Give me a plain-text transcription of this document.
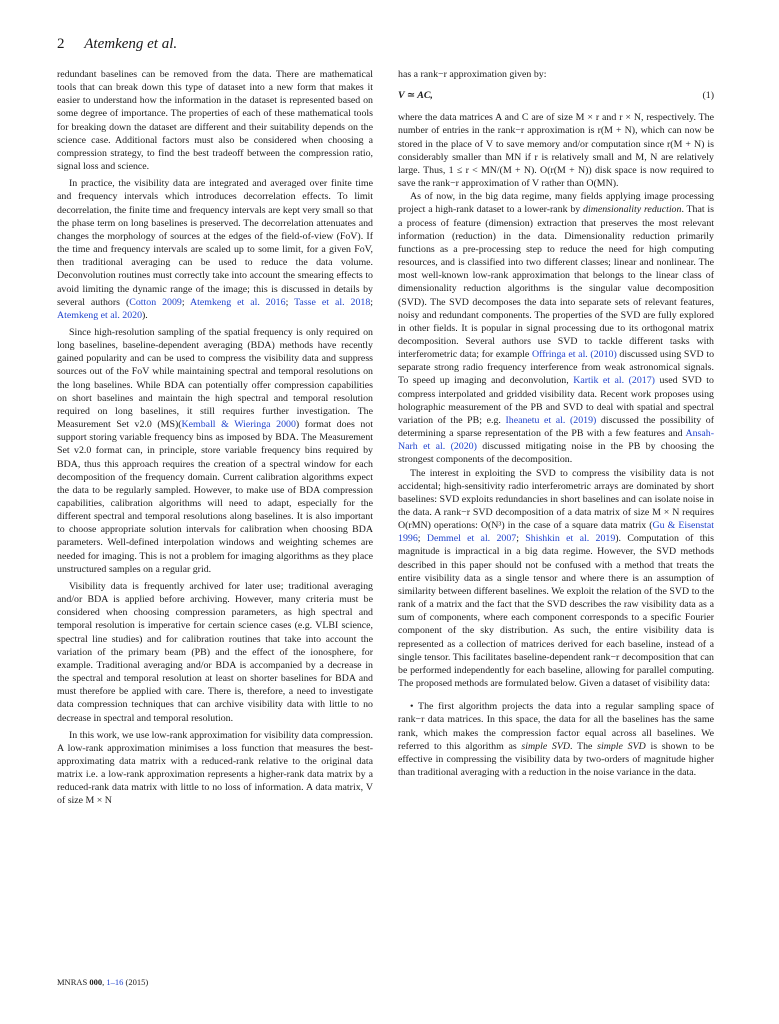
2 Atemkeng et al.

redundant baselines can be removed from the data. There are mathematical tools that can break down this type of dataset into a new form that makes it easier to understand how the information in the dataset is represented based on some degree of importance. The properties of each of these mathematical tools for breaking down the dataset are different and their suitability depends on the science case. Additional factors must also be considered when choosing a compression strategy, to find the best tradeoff between the compression ratio, signal loss and science.

In practice, the visibility data are integrated and averaged over finite time and frequency intervals which introduces decorrelation effects. To limit decorrelation, the finite time and frequency intervals are kept very small so that the phase term on long baselines is preserved. The decorrelation attenuates and changes the morphology of sources at the edges of the field-of-view (FoV). If the time and frequency intervals are scaled up to some limit, for a given FoV, then traditional averaging can be used to reduce the data volume. Deconvolution routines must correctly take into account the smearing effects to avoid limiting the dynamic range of the image; this is discussed in details by several authors (Cotton 2009; Atemkeng et al. 2016; Tasse et al. 2018; Atemkeng et al. 2020).

Since high-resolution sampling of the spatial frequency is only required on long baselines, baseline-dependent averaging (BDA) methods have recently gained popularity and can be used to compress the visibility data and suppress sources out of the FoV while maintaining spectral and temporal resolutions on the long baselines. While BDA can potentially offer compression capabilities on short baselines and maintain the high spectral and temporal resolution required on long baselines, it still requires further investigation. The Measurement Set v2.0 (MS)(Kemball & Wieringa 2000) format does not support storing variable frequency bins as imposed by BDA. The Measurement Set v2.0 format can, in principle, store variable frequency bins required by BDA, thus this approach requires the creation of a spectral window for each decomposition of the frequency domain. Current calibration algorithms expect the data to be regularly sampled. However, to make use of BDA compression capabilities, calibration algorithms will need to adapt, especially for the different spectral and temporal resolutions along baselines. It is also important to choose appropriate solution intervals for calibration when choosing BDA parameters. Well-defined interpolation windows and weighting schemes are needed for imaging. This is not a problem for imaging algorithms as they place unstructured samples on a regular grid.

Visibility data is frequently archived for later use; traditional averaging and/or BDA is applied before archiving. However, many criteria must be considered when choosing compression parameters, as high spectral and temporal resolution is imperative for certain science cases (e.g. VLBI science, spectral line studies) and for calibration routines that take into account the variation of the primary beam (PB) and the effect of the ionosphere, for example. Traditional averaging and/or BDA is accompanied by a decrease in the spectral and temporal resolution at least on shorter baselines for BDA and must therefore be applied with care. There is, therefore, a need to investigate data compression techniques that can archive visibility data with little to no decrease in spectral and temporal resolution.

In this work, we use low-rank approximation for visibility data compression. A low-rank approximation minimises a loss function that measures the best-approximating data matrix with a reduced-rank relative to the original data matrix i.e. a low-rank approximation represents a higher-rank data matrix by a reduced-rank data matrix with little to no loss of information. A data matrix, V of size M × N

has a rank−r approximation given by:

V ≃ AC,	(1)

where the data matrices A and C are of size M × r and r × N, respectively. The number of entries in the rank−r approximation is r(M + N), which can now be stored in the place of V to save memory and/or computation since r(M + N) is considerably smaller than MN if r is relatively small and M, N are relatively large. Thus, 1 ≤ r < MN/(M + N). O(r(M + N)) disk space is now required to save the rank−r approximation of V rather than O(MN).

As of now, in the big data regime, many fields applying image processing project a high-rank dataset to a lower-rank by dimensionality reduction. That is a process of feature (dimension) extraction that preserves the most relevant information (reduction) in the data. Dimensionality reduction primarily functions as a pre-processing step to reduce the need for high computing resources, and is classified into two different classes; linear and nonlinear. The most well-known low-rank approximation that belongs to the linear class of dimensionality reduction algorithms is the singular value decomposition (SVD). The SVD decomposes the data into separate sets of relevant features, noisy and redundant components. The properties of the SVD are fully explored in other fields. It is popular in signal processing due to its orthogonal matrix decomposition. Several authors use SVD to tackle different tasks with interferometric data; for example Offringa et al. (2010) discussed using SVD to separate strong radio frequency interference from weak astronomical signals. To speed up imaging and deconvolution, Kartik et al. (2017) used SVD to compress interpolated and gridded visibility data. Recent work proposes using holographic measurement of the PB and SVD to deal with spatial and spectral variation of the PB; e.g. Iheanetu et al. (2019) discussed the possibility of determining a sparse representation of the PB with a few features and Ansah-Narh et al. (2020) discussed mitigating noise in the PB by choosing the strongest components of the decomposition.

The interest in exploiting the SVD to compress the visibility data is not accidental; high-sensitivity radio interferometric arrays are dominated by short baselines: SVD exploits redundancies in short baselines and can isolate noise in the data. A rank−r SVD decomposition of a data matrix of size M × N requires O(rMN) operations: O(N³) in the case of a square data matrix (Gu & Eisenstat 1996; Demmel et al. 2007; Shishkin et al. 2019). Computation of this magnitude is impractical in a big data regime. However, the SVD methods described in this paper should not be confused with a method that treats the entire visibility data as a single tensor and where there is an assumption of similarity between different baselines. We exploit the relation of the SVD to the rank of a matrix and the fact that the SVD describes the raw visibility data as a sum of components, where each component corresponds to a specific Fourier component of the sky distribution. As such, the entire visibility data is represented as a collection of matrices derived for each baseline, instead of a single tensor. This facilitates baseline-dependent rank−r decomposition that can be performed independently for each baseline, allowing for parallel computing. The proposed methods are formulated below. Given a dataset of visibility data:

• The first algorithm projects the data into a regular sampling space of rank−r data matrices. In this space, the data for all the baselines has the same rank, which makes the compression factor equal across all baselines. We referred to this algorithm as simple SVD. The simple SVD is shown to be effective in compressing the visibility data by two-orders of magnitude higher than traditional averaging with a reduction in the noise variance in the data.

MNRAS 000, 1–16 (2015)
